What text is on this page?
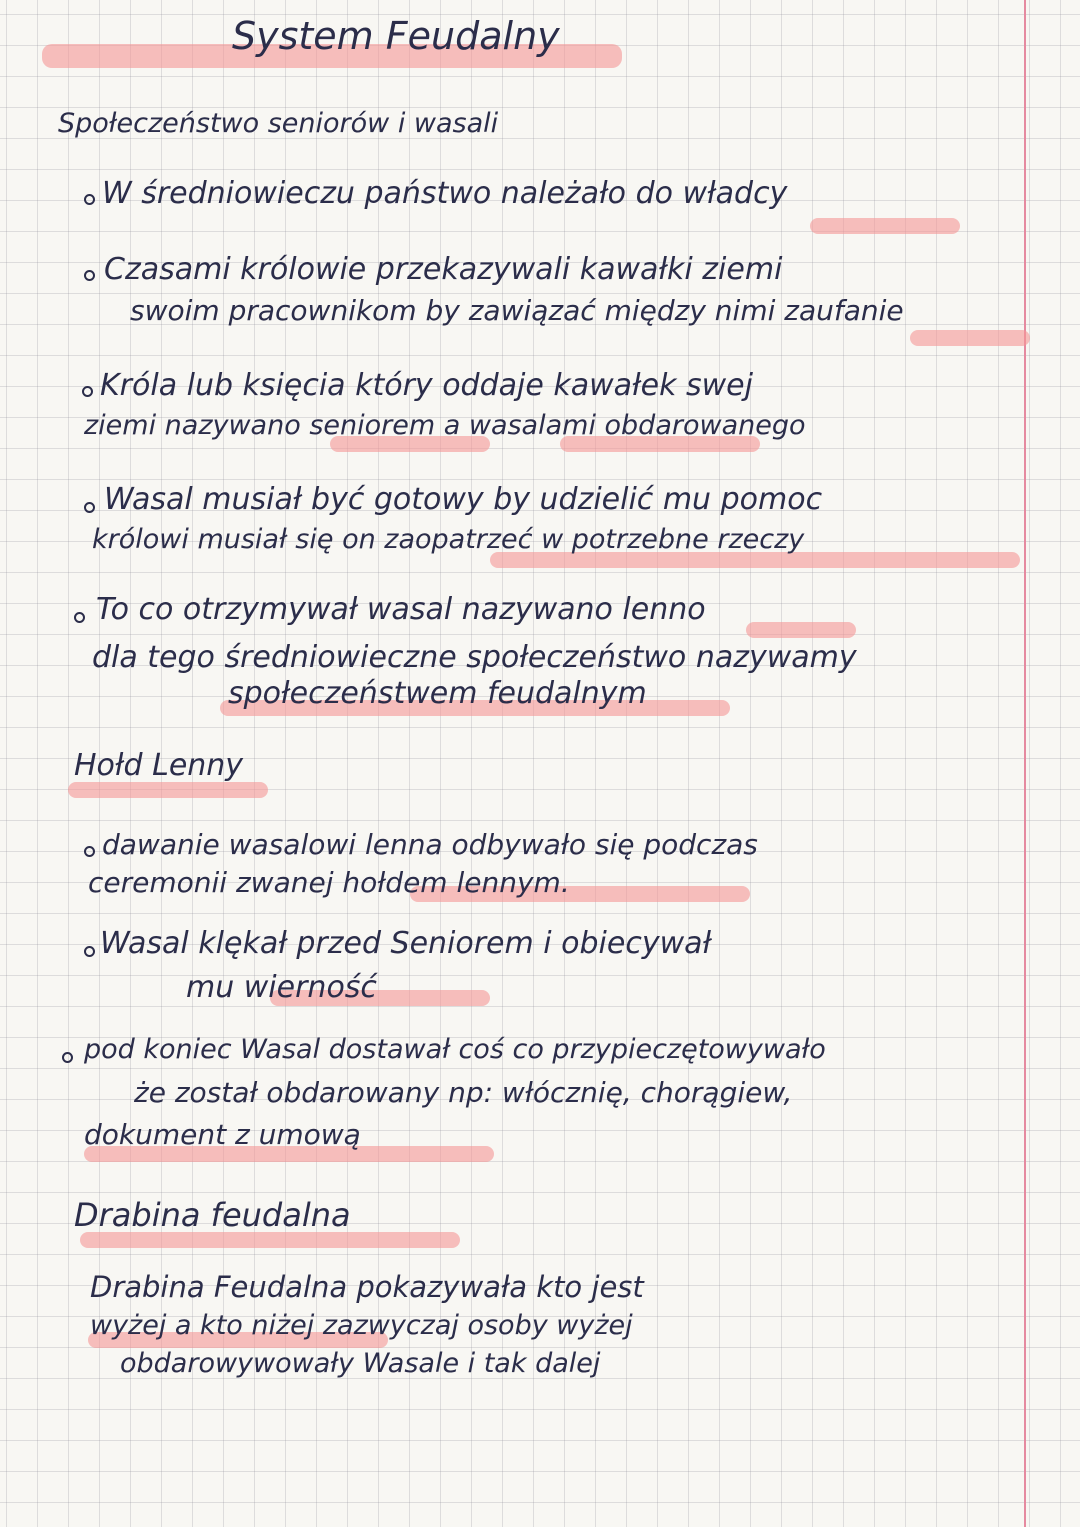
System Feudalny
Społeczeństwo seniorów i wasali
W średniowieczu państwo należało do władcy
Czasami królowie przekazywali kawałki ziemi
swoim pracownikom by zawiązać między nimi zaufanie
Króla lub księcia który oddaje kawałek swej
ziemi nazywano seniorem a wasalami obdarowanego
Wasal musiał być gotowy by udzielić mu pomoc
królowi musiał się on zaopatrzeć w potrzebne rzeczy
To co otrzymywał wasal nazywano lenno
dla tego średniowieczne społeczeństwo nazywamy
społeczeństwem feudalnym
Hołd Lenny
dawanie wasalowi lenna odbywało się podczas
ceremonii zwanej hołdem lennym.
Wasal klękał przed Seniorem i obiecywał
mu wierność
pod koniec Wasal dostawał coś co przypieczętowywało
że został obdarowany np: włócznię, chorągiew,
dokument z umową
Drabina feudalna
Drabina Feudalna pokazywała kto jest
wyżej a kto niżej zazwyczaj osoby wyżej
obdarowywowały Wasale i tak dalej
